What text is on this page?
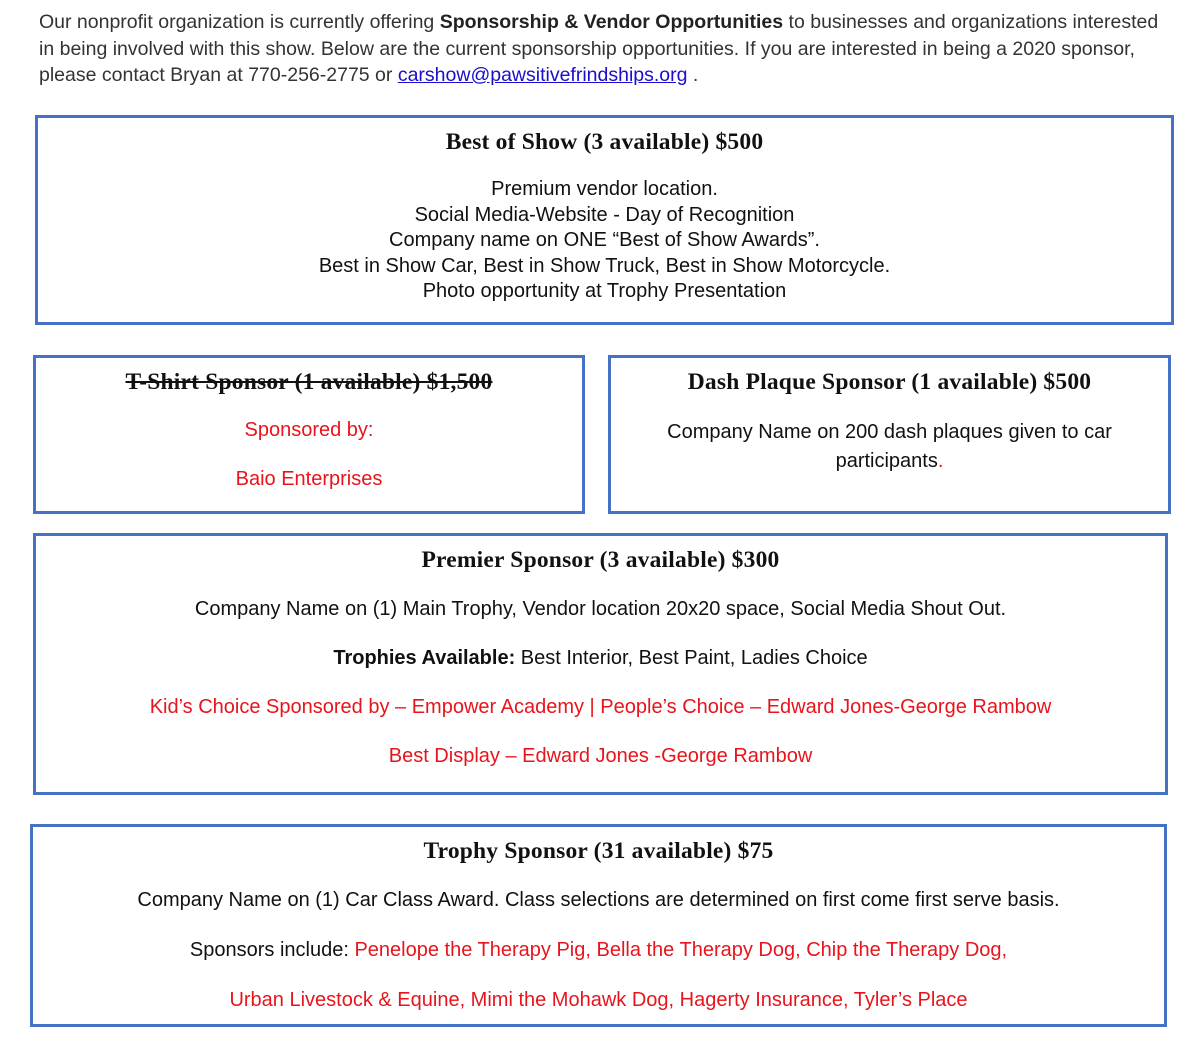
Our nonprofit organization is currently offering Sponsorship & Vendor Opportunities to businesses and organizations interested in being involved with this show. Below are the current sponsorship opportunities. If you are interested in being a 2020 sponsor, please contact Bryan at 770-256-2775 or carshow@pawsitivefrindships.org .

Best of Show (3 available) $500

Premium vendor location.

Social Media-Website - Day of Recognition

Company name on ONE “Best of Show Awards”.

Best in Show Car, Best in Show Truck, Best in Show Motorcycle.

Photo opportunity at Trophy Presentation

T-Shirt Sponsor (1 available) $1,500

Sponsored by:

Baio Enterprises

Dash Plaque Sponsor (1 available) $500
Company Name on 200 dash plaques given to car
participants.
Premier Sponsor (3 available) $300

Company Name on (1) Main Trophy, Vendor location 20x20 space, Social Media Shout Out.

Trophies Available: Best Interior, Best Paint, Ladies Choice

Kid’s Choice Sponsored by – Empower Academy | People’s Choice – Edward Jones-George Rambow

Best Display – Edward Jones -George Rambow

Trophy Sponsor (31 available) $75

Company Name on (1) Car Class Award. Class selections are determined on first come first serve basis.

Sponsors include: Penelope the Therapy Pig, Bella the Therapy Dog, Chip the Therapy Dog,

Urban Livestock & Equine, Mimi the Mohawk Dog, Hagerty Insurance, Tyler’s Place
